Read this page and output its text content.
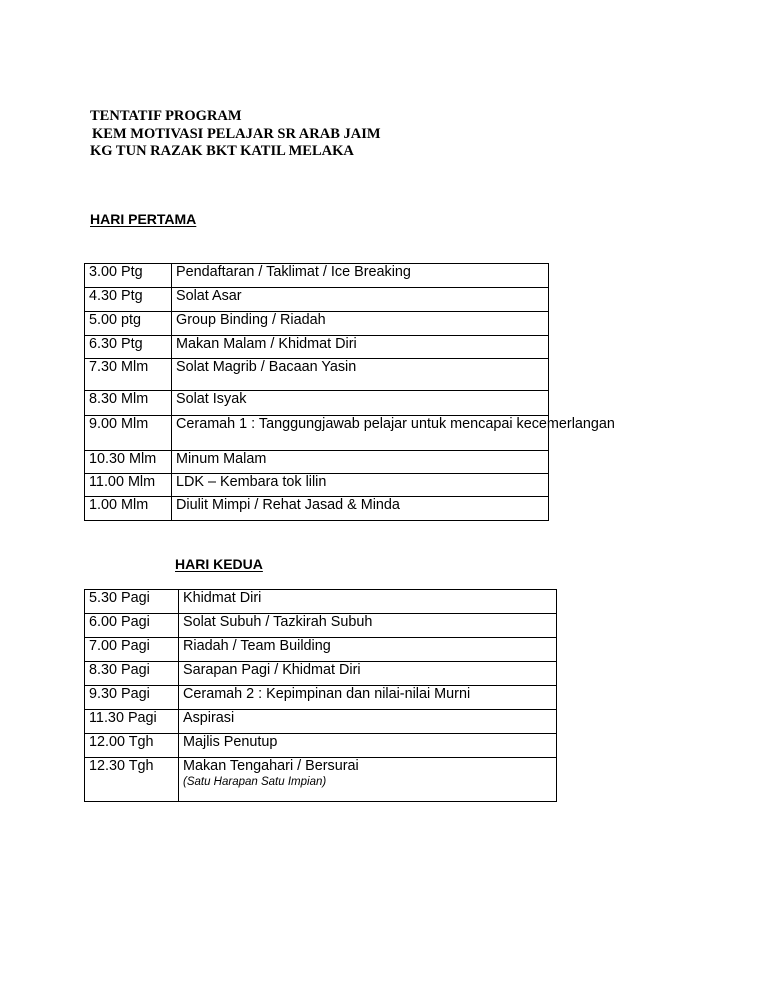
TENTATIF PROGRAM
KEM MOTIVASI PELAJAR SR ARAB JAIM
KG TUN RAZAK BKT KATIL MELAKA
HARI PERTAMA
3.00 Ptg	Pendaftaran / Taklimat / Ice Breaking
4.30 Ptg	Solat Asar
5.00 ptg	Group Binding / Riadah
6.30 Ptg	Makan Malam / Khidmat Diri
7.30 Mlm	Solat Magrib / Bacaan Yasin
8.30 Mlm	Solat Isyak
9.00 Mlm	Ceramah 1 : Tanggungjawab pelajar untuk mencapai kecemerlangan
10.30 Mlm	Minum Malam
11.00 Mlm	LDK – Kembara tok lilin
1.00 Mlm	Diulit Mimpi / Rehat Jasad & Minda
HARI KEDUA
5.30 Pagi	Khidmat Diri
6.00 Pagi	Solat Subuh / Tazkirah Subuh
7.00 Pagi	Riadah / Team Building
8.30 Pagi	Sarapan Pagi / Khidmat Diri
9.30 Pagi	Ceramah 2 : Kepimpinan dan nilai-nilai Murni
11.30 Pagi	Aspirasi
12.00 Tgh	Majlis Penutup
12.30 Tgh	Makan Tengahari / Bersurai
(Satu Harapan Satu Impian)
